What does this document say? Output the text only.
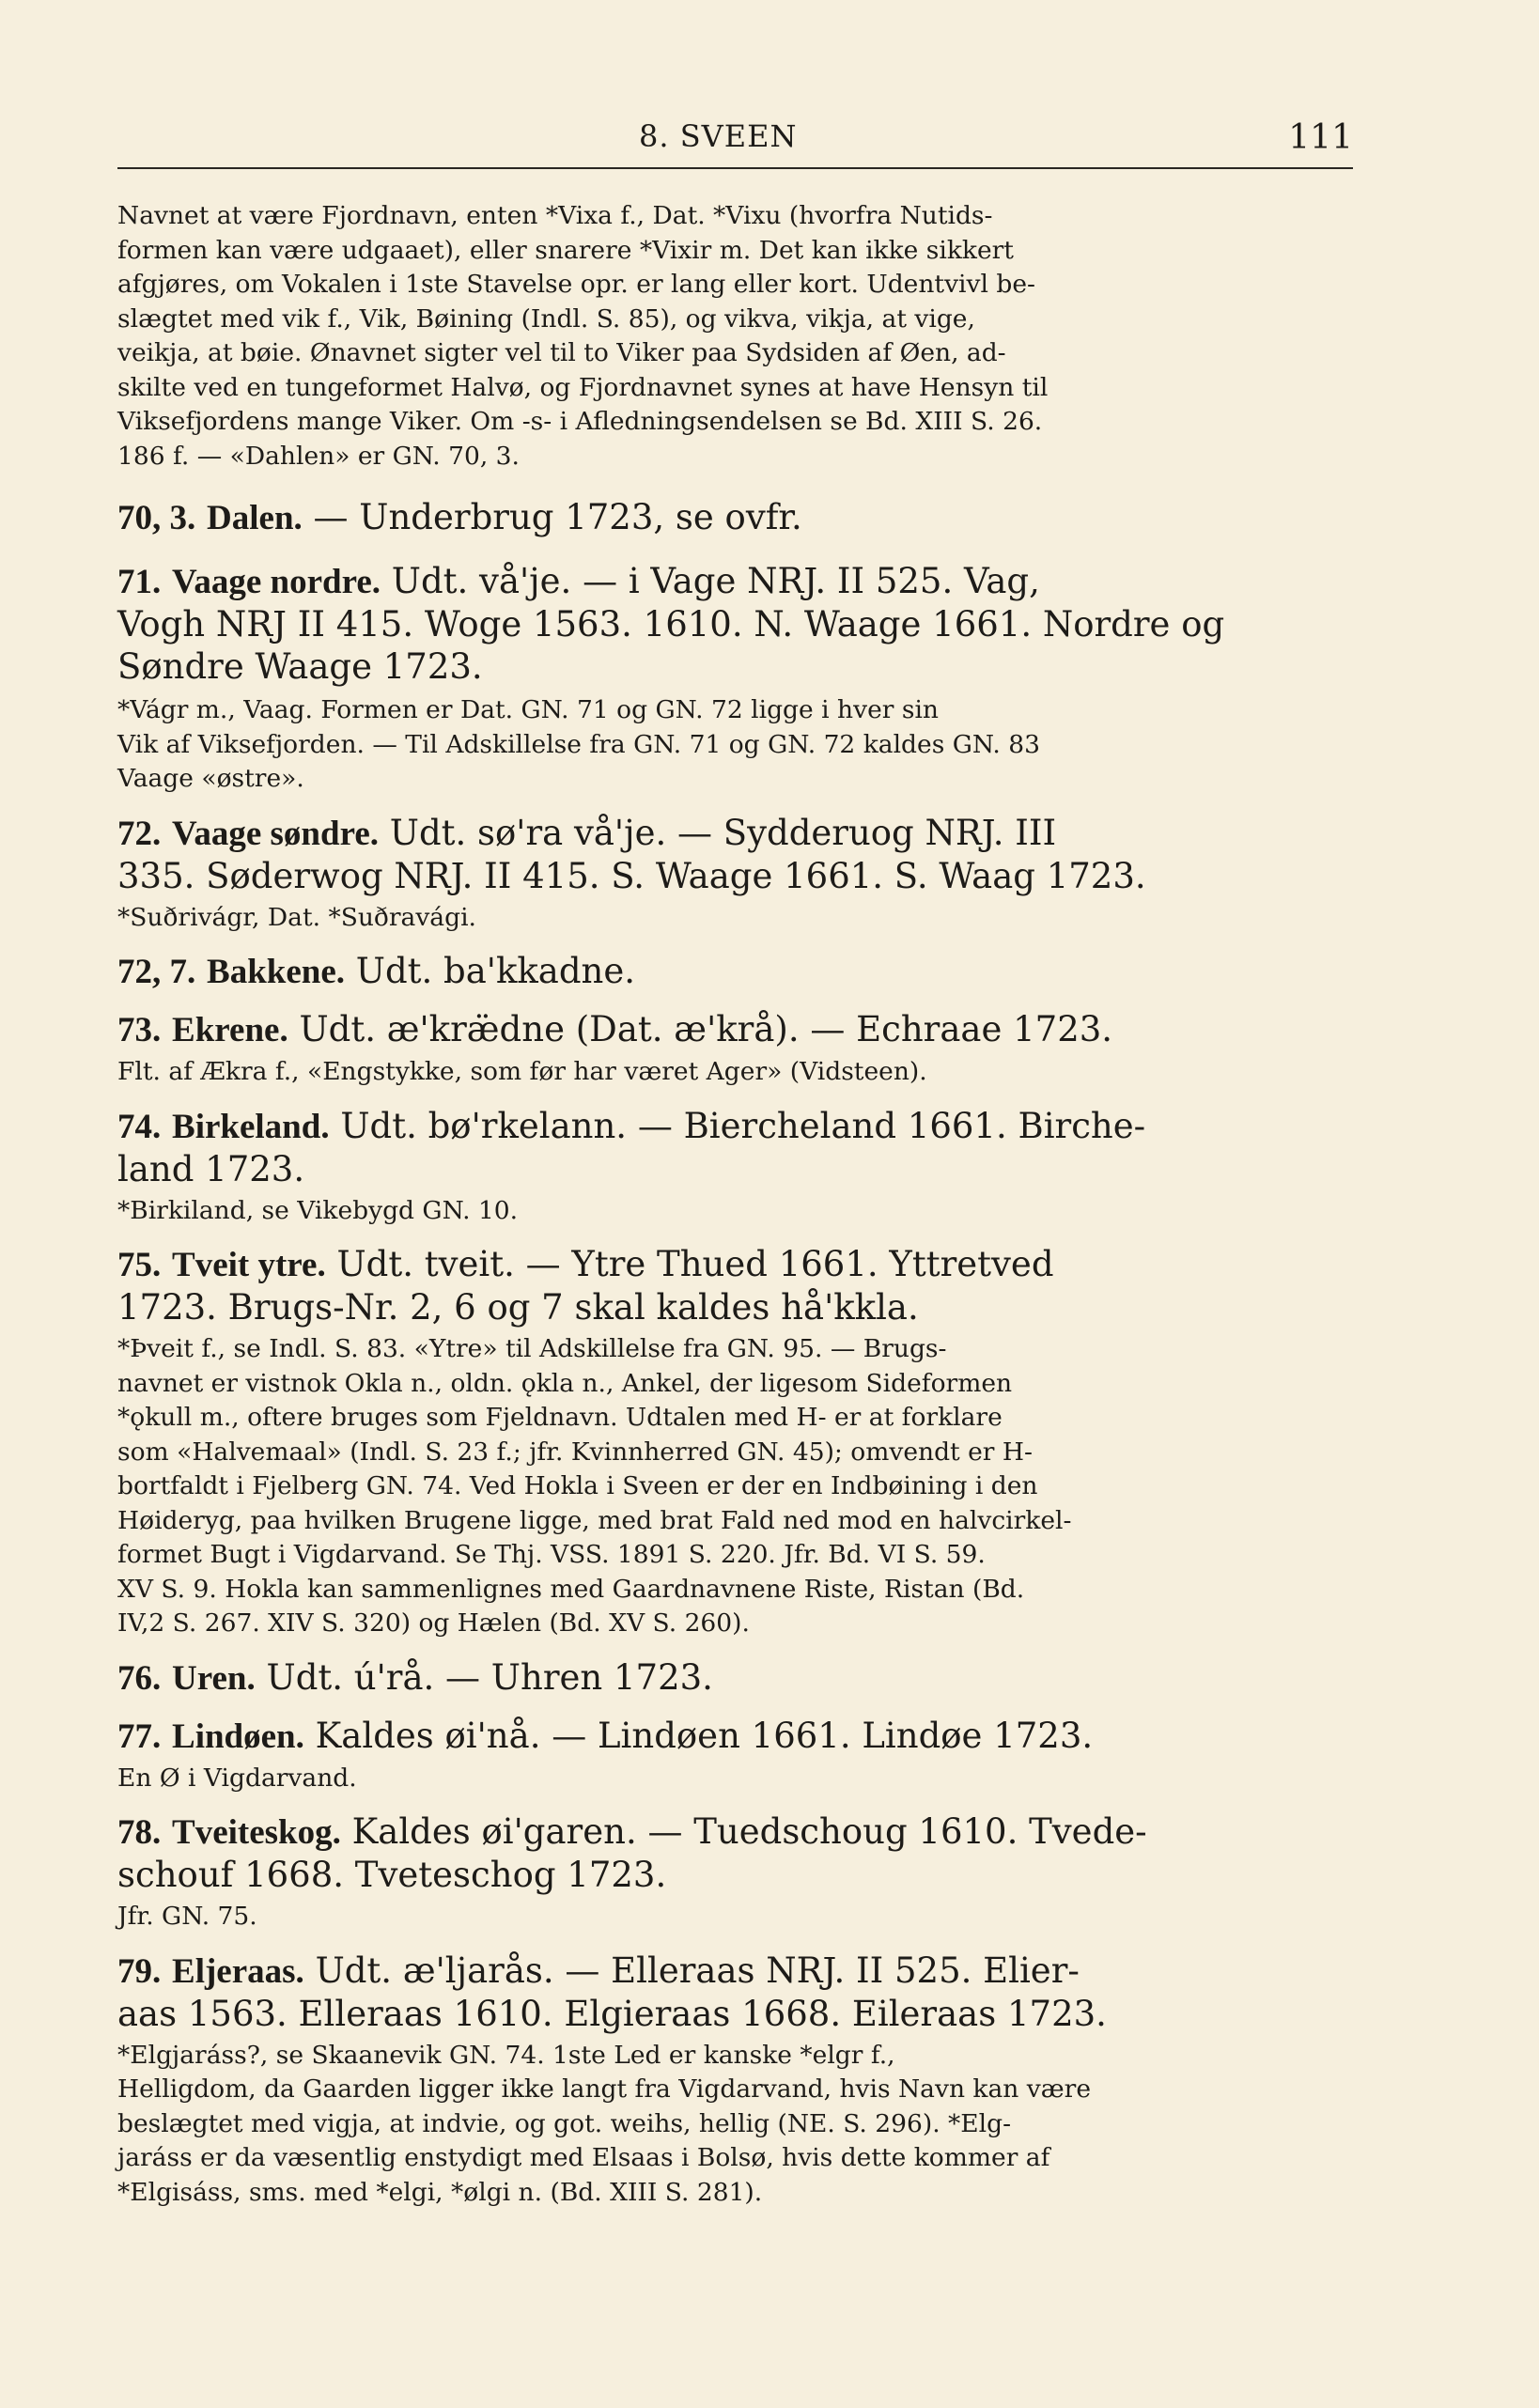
8. SVEEN	111

Navnet at være Fjordnavn, enten *Vixa f., Dat. *Vixu (hvorfra Nutids-

formen kan være udgaaet), eller snarere *Vixir m. Det kan ikke sikkert

afgjøres, om Vokalen i 1ste Stavelse opr. er lang eller kort. Udentvivl be-

slægtet med vik f., Vik, Bøining (Indl. S. 85), og vikva, vikja, at vige,

veikja, at bøie. Ønavnet sigter vel til to Viker paa Sydsiden af Øen, ad-

skilte ved en tungeformet Halvø, og Fjordnavnet synes at have Hensyn til

Viksefjordens mange Viker. Om -s- i Afledningsendelsen se Bd. XIII S. 26.

186 f. — «Dahlen» er GN. 70, 3.

70, 3. Dalen. — Underbrug 1723, se ovfr.

71. Vaage nordre. Udt. vå'je. — i Vage NRJ. II 525. Vag,

Vogh NRJ II 415. Woge 1563. 1610. N. Waage 1661. Nordre og

Søndre Waage 1723.

*Vágr m., Vaag. Formen er Dat. GN. 71 og GN. 72 ligge i hver sin

Vik af Viksefjorden. — Til Adskillelse fra GN. 71 og GN. 72 kaldes GN. 83

Vaage «østre».

72. Vaage søndre. Udt. sø'ra vå'je. — Sydderuog NRJ. III

335. Søderwog NRJ. II 415. S. Waage 1661. S. Waag 1723.

*Suðrivágr, Dat. *Suðravági.

72, 7. Bakkene. Udt. ba'kkadne.

73. Ekrene. Udt. æ'kræ̈dne (Dat. æ'krå). — Echraae 1723.

Flt. af Ækra f., «Engstykke, som før har været Ager» (Vidsteen).

74. Birkeland. Udt. bø'rkelann. — Biercheland 1661. Birche-

land 1723.

*Birkiland, se Vikebygd GN. 10.

75. Tveit ytre. Udt. tveit. — Ytre Thued 1661. Yttretved

1723. Brugs-Nr. 2, 6 og 7 skal kaldes hå'kkla.

*Þveit f., se Indl. S. 83. «Ytre» til Adskillelse fra GN. 95. — Brugs-

navnet er vistnok Okla n., oldn. ǫkla n., Ankel, der ligesom Sideformen

*ǫkull m., oftere bruges som Fjeldnavn. Udtalen med H- er at forklare

som «Halvemaal» (Indl. S. 23 f.; jfr. Kvinnherred GN. 45); omvendt er H-

bortfaldt i Fjelberg GN. 74. Ved Hokla i Sveen er der en Indbøining i den

Høideryg, paa hvilken Brugene ligge, med brat Fald ned mod en halvcirkel-

formet Bugt i Vigdarvand. Se Thj. VSS. 1891 S. 220. Jfr. Bd. VI S. 59.

XV S. 9. Hokla kan sammenlignes med Gaardnavnene Riste, Ristan (Bd.

IV,2 S. 267. XIV S. 320) og Hælen (Bd. XV S. 260).

76. Uren. Udt. ú'rå. — Uhren 1723.

77. Lindøen. Kaldes øi'nå. — Lindøen 1661. Lindøe 1723.

En Ø i Vigdarvand.

78. Tveiteskog. Kaldes øi'garen. — Tuedschoug 1610. Tvede-

schouf 1668. Tveteschog 1723.

Jfr. GN. 75.

79. Eljeraas. Udt. æ'ljarås. — Elleraas NRJ. II 525. Elier-

aas 1563. Elleraas 1610. Elgieraas 1668. Eileraas 1723.

*Elgjaráss?, se Skaanevik GN. 74. 1ste Led er kanske *elgr f.,

Helligdom, da Gaarden ligger ikke langt fra Vigdarvand, hvis Navn kan være

beslægtet med vigja, at indvie, og got. weihs, hellig (NE. S. 296). *Elg-

jaráss er da væsentlig enstydigt med Elsaas i Bolsø, hvis dette kommer af

*Elgisáss, sms. med *elgi, *ølgi n. (Bd. XIII S. 281).
